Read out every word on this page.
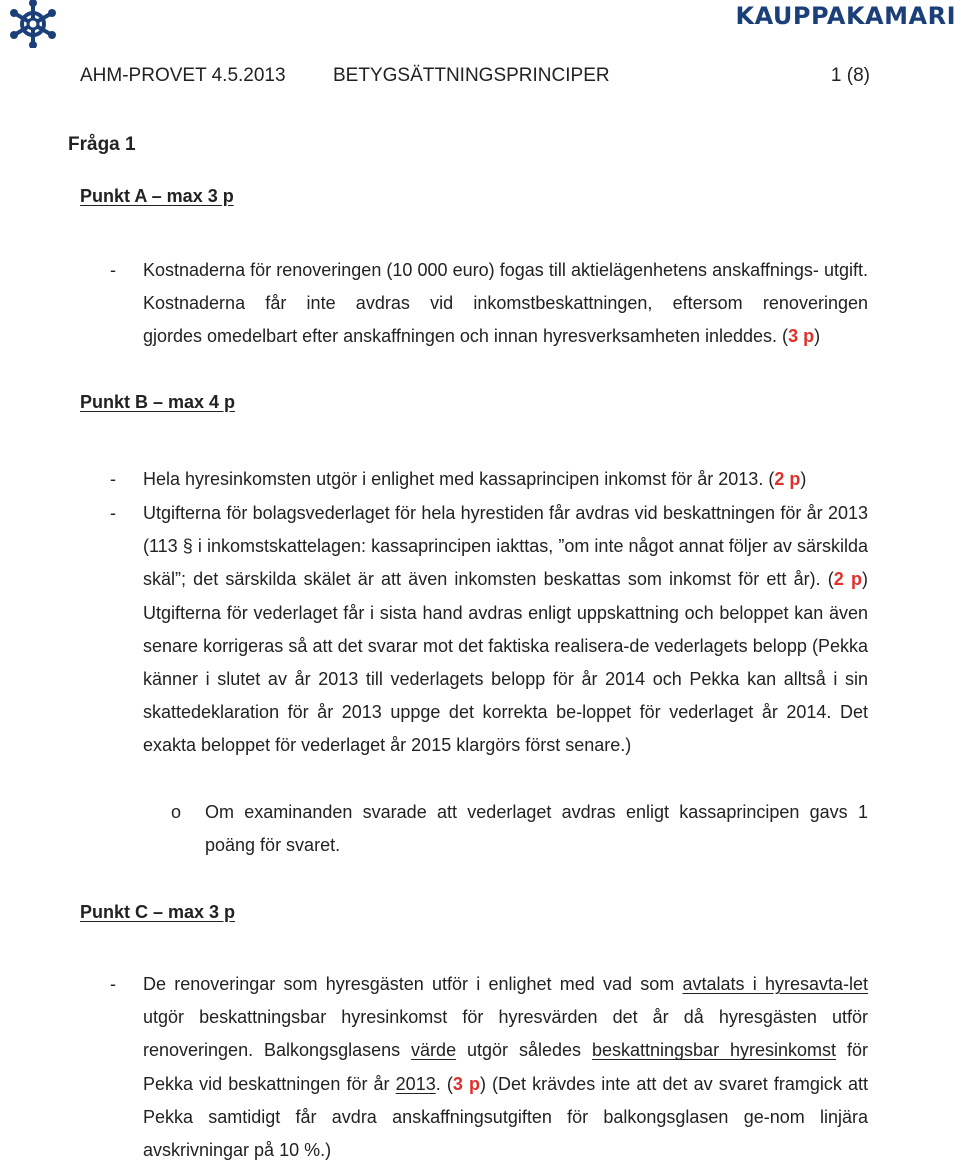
KAUPPAKAMARI
AHM-PROVET 4.5.2013 BETYGSÄTTNINGSPRINCIPER	1 (8)
Fråga 1
Punkt A – max 3 p
- Kostnaderna för renoveringen (10 000 euro) fogas till aktielägenhetens anskaffnings- utgift. Kostnaderna får inte avdras vid inkomstbeskattningen, eftersom renoveringen gjordes omedelbart efter anskaffningen och innan hyresverksamheten inleddes. (3 p)
Punkt B – max 4 p
- Hela hyresinkomsten utgör i enlighet med kassaprincipen inkomst för år 2013. (2 p)
- Utgifterna för bolagsvederlaget för hela hyrestiden får avdras vid beskattningen för år 2013 (113 § i inkomstskattelagen: kassaprincipen iakttas, ”om inte något annat följer av särskilda skäl”; det särskilda skälet är att även inkomsten beskattas som inkomst för ett år). (2 p) Utgifterna för vederlaget får i sista hand avdras enligt uppskattning och beloppet kan även senare korrigeras så att det svarar mot det faktiska realisera-de vederlagets belopp (Pekka känner i slutet av år 2013 till vederlagets belopp för år 2014 och Pekka kan alltså i sin skattedeklaration för år 2013 uppge det korrekta be-loppet för vederlaget år 2014. Det exakta beloppet för vederlaget år 2015 klargörs först senare.)
o Om examinanden svarade att vederlaget avdras enligt kassaprincipen gavs 1 poäng för svaret.
Punkt C – max 3 p
- De renoveringar som hyresgästen utför i enlighet med vad som avtalats i hyresavta-let utgör beskattningsbar hyresinkomst för hyresvärden det år då hyresgästen utför renoveringen. Balkongsglasens värde utgör således beskattningsbar hyresinkomst för Pekka vid beskattningen för år 2013. (3 p) (Det krävdes inte att det av svaret framgick att Pekka samtidigt får avdra anskaffningsutgiften för balkongsglasen ge-nom linjära avskrivningar på 10 %.)
